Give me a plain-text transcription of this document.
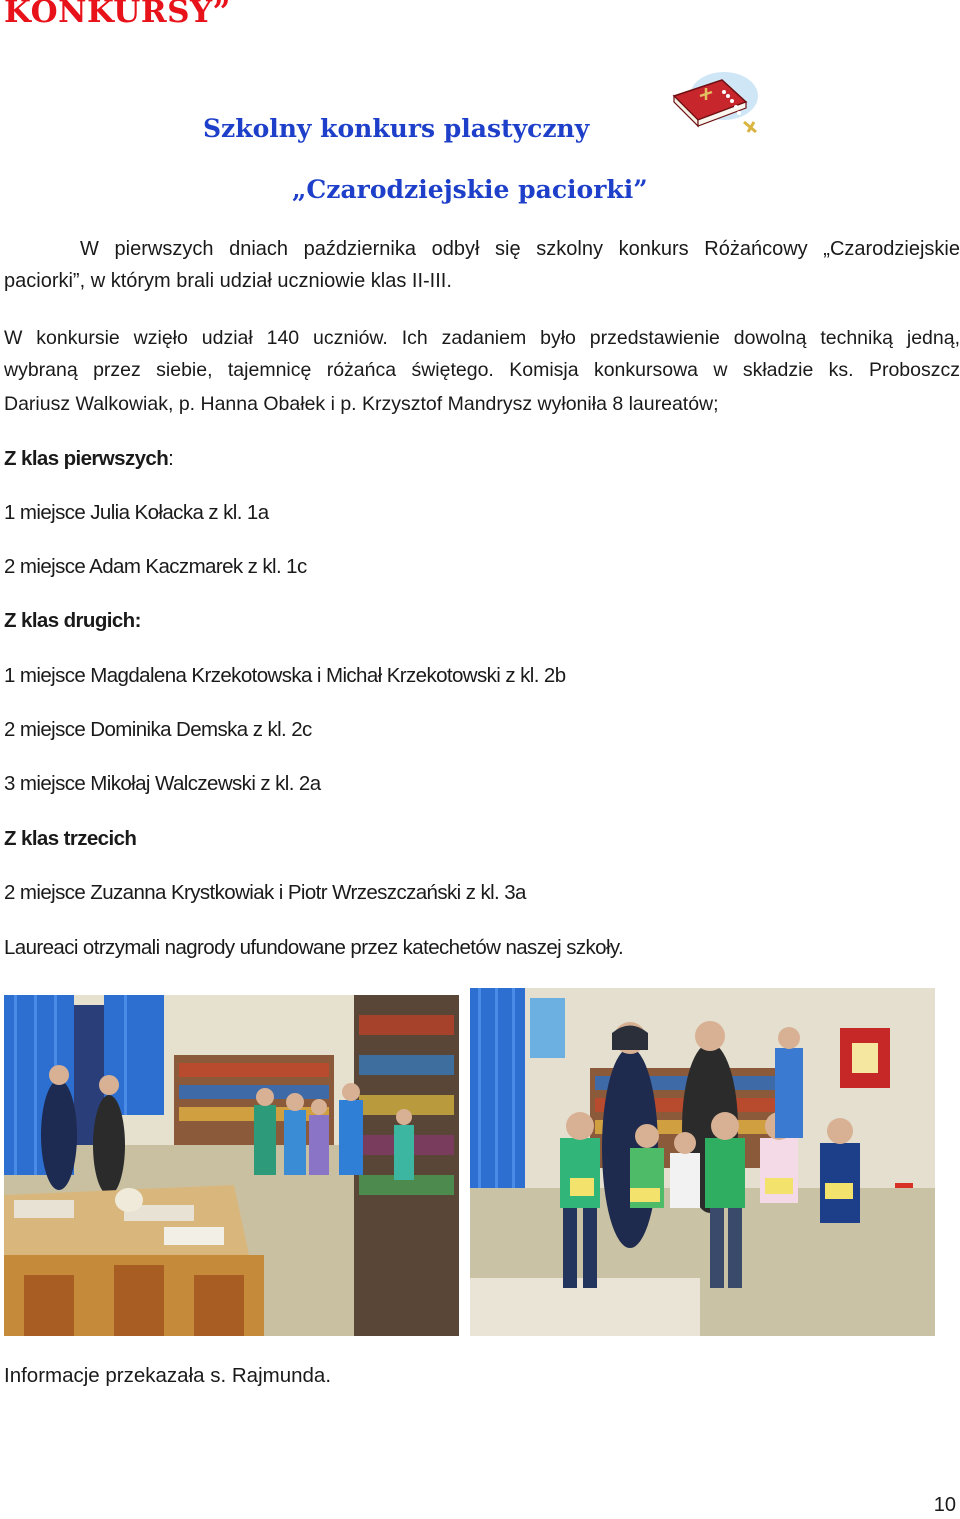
KONKURSY”
Szkolny konkurs plastyczny
„Czarodziejskie paciorki”
W pierwszych dniach października odbył się szkolny konkurs Różańcowy „Czarodziejskie
paciorki”, w którym brali udział uczniowie klas II-III.
W konkursie wzięło udział 140 uczniów. Ich zadaniem było przedstawienie dowolną techniką jedną,
wybraną przez siebie, tajemnicę różańca świętego. Komisja konkursowa w składzie ks. Proboszcz
Dariusz Walkowiak, p. Hanna Obałek i p. Krzysztof Mandrysz wyłoniła 8 laureatów;
Z klas pierwszych:
1 miejsce Julia Kołacka z kl. 1a
2 miejsce Adam Kaczmarek z kl. 1c
Z klas drugich:
1 miejsce Magdalena Krzekotowska i Michał Krzekotowski z kl. 2b
2 miejsce Dominika Demska z kl. 2c
3 miejsce Mikołaj Walczewski z kl. 2a
Z klas trzecich
2 miejsce Zuzanna Krystkowiak i Piotr Wrzeszczański z kl. 3a
Laureaci otrzymali nagrody ufundowane przez katechetów naszej szkoły.
Informacje przekazała s. Rajmunda.
10
